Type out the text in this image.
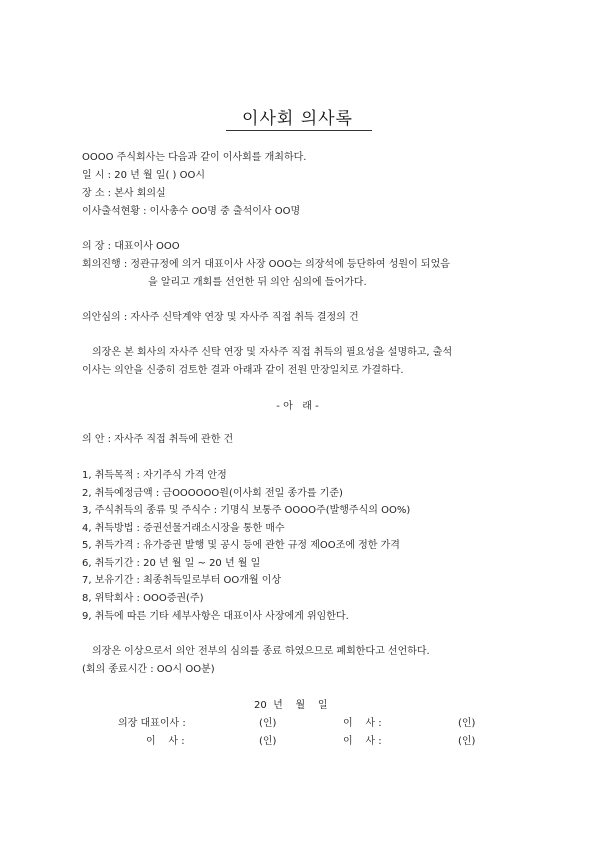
이사회 의사록
OOOO 주식회사는 다음과 같이 이사회를 개최하다.
일 시 : 20 년 월 일( ) OO시
장 소 : 본사 회의실
이사출석현황 : 이사총수 OO명 중 출석이사 OO명
의 장 : 대표이사 OOO
회의진행 : 정관규정에 의거 대표이사 사장 OOO는 의장석에 등단하여 성원이 되었음
을 알리고 개회를 선언한 뒤 의안 심의에 들어가다.
의안심의 : 자사주 신탁계약 연장 및 자사주 직접 취득 결정의 건
의장은 본 회사의 자사주 신탁 연장 및 자사주 직접 취득의 필요성을 설명하고, 출석
이사는 의안을 신중히 검토한 결과 아래과 같이 전원 만장일치로 가결하다.
- 아   래 -
의 안 : 자사주 직접 취득에 관한 건
1, 취득목적 : 자기주식 가격 안정
2, 취득예정금액 : 금OOOOOO원(이사회 전일 종가를 기준)
3, 주식취득의 종류 및 주식수 : 기명식 보통주 OOOO주(발행주식의 OO%)
4, 취득방법 : 증권선물거래소시장을 통한 매수
5, 취득가격 : 유가증권 발행 및 공시 등에 관한 규정 제OO조에 정한 가격
6, 취득기간 : 20 년 월 일 ~ 20 년 월 일
7, 보유기간 : 최종취득일로부터 OO개월 이상
8, 위탁회사 : OOO증권(주)
9, 취득에 따른 기타 세부사항은 대표이사 사장에게 위임한다.
의장은 이상으로서 의안 전부의 심의를 종료 하였으므로 폐회한다고 선언하다.
(회의 종료시간 : OO시 OO분)
20  년    월    일
의장 대표이사 :	(인)	이    사 :	(인)
이    사 :	(인)	이    사 :	(인)
